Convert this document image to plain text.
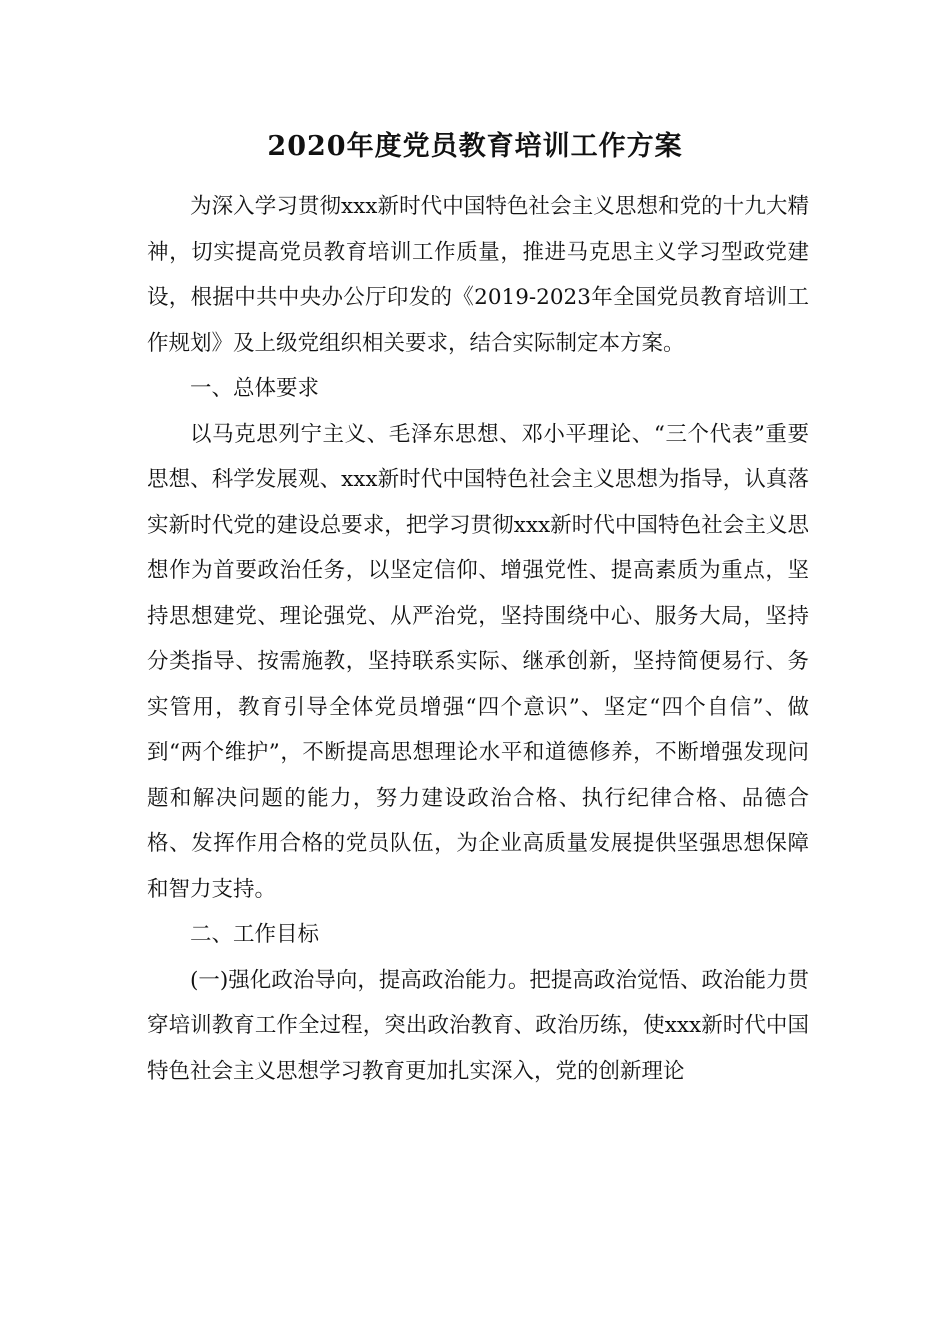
2020年度党员教育培训工作方案

为深入学习贯彻xxx新时代中国特色社会主义思想和党的十九大精神，切实提高党员教育培训工作质量，推进马克思主义学习型政党建设，根据中共中央办公厅印发的《2019-2023年全国党员教育培训工作规划》及上级党组织相关要求，结合实际制定本方案。

一、总体要求

以马克思列宁主义、毛泽东思想、邓小平理论、“三个代表”重要思想、科学发展观、xxx新时代中国特色社会主义思想为指导，认真落实新时代党的建设总要求，把学习贯彻xxx新时代中国特色社会主义思想作为首要政治任务，以坚定信仰、增强党性、提高素质为重点，坚持思想建党、理论强党、从严治党，坚持围绕中心、服务大局，坚持分类指导、按需施教，坚持联系实际、继承创新，坚持简便易行、务实管用，教育引导全体党员增强“四个意识”、坚定“四个自信”、做到“两个维护”，不断提高思想理论水平和道德修养，不断增强发现问题和解决问题的能力，努力建设政治合格、执行纪律合格、品德合格、发挥作用合格的党员队伍，为企业高质量发展提供坚强思想保障和智力支持。

二、工作目标

(一)强化政治导向，提高政治能力。把提高政治觉悟、政治能力贯穿培训教育工作全过程，突出政治教育、政治历练，使xxx新时代中国特色社会主义思想学习教育更加扎实深入，党的创新理论
